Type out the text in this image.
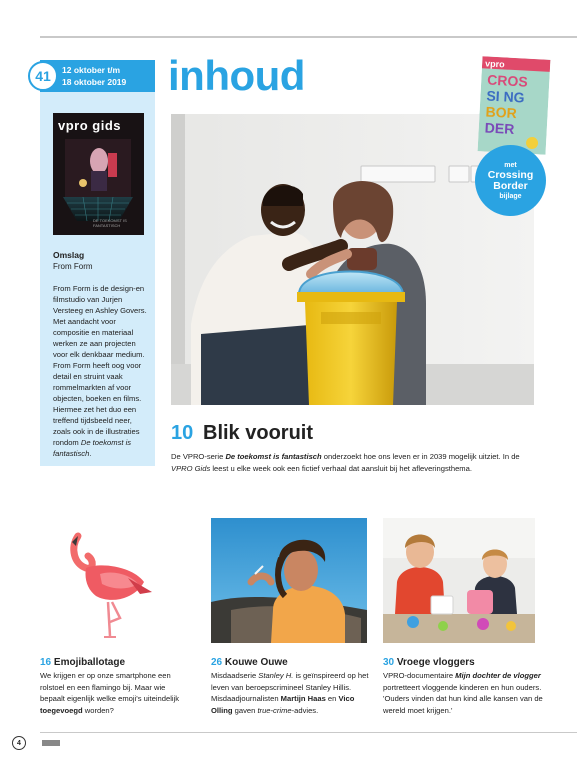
41	12 oktober t/m
18 oktober 2019
vpro gids
DE TOEKOMST IS FANTASTISCH
Omslag
From Form
From Form is de design-en filmstudio van Jurjen Versteeg en Ashley Govers. Met aandacht voor compositie en materiaal werken ze aan projecten voor elk denkbaar medium. From Form heeft oog voor detail en struint vaak rommelmarkten af voor objecten, boeken en films. Hiermee zet het duo een treffend tijdsbeeld neer, zoals ook in de illustraties rondom De toekomst is fantastisch.
inhoud	CROS
SI NG
BOR
DER
vpro
met
Crossing
Border
bijlage
10 Blik vooruit
De VPRO-serie De toekomst is fantastisch onderzoekt hoe ons leven er in 2039 mogelijk uitziet. In de VPRO Gids leest u elke week ook een fictief verhaal dat aansluit bij het afleveringsthema.
16 Emojiballotage
We krijgen er op onze smartphone een rolstoel en een flamingo bij. Maar wie bepaalt eigenlijk welke emoji's uiteindelijk toegevoegd worden?
26 Kouwe Ouwe
Misdaadserie Stanley H. is geïnspireerd op het leven van beroepscrimineel Stanley Hillis. Misdaadjournalisten Martijn Haas en Vico Olling gaven true-crime-advies.
30 Vroege vloggers
VPRO-documentaire Mijn dochter de vlogger portretteert vloggende kinderen en hun ouders. 'Ouders vinden dat hun kind alle kansen van de wereld moet krijgen.'
4
